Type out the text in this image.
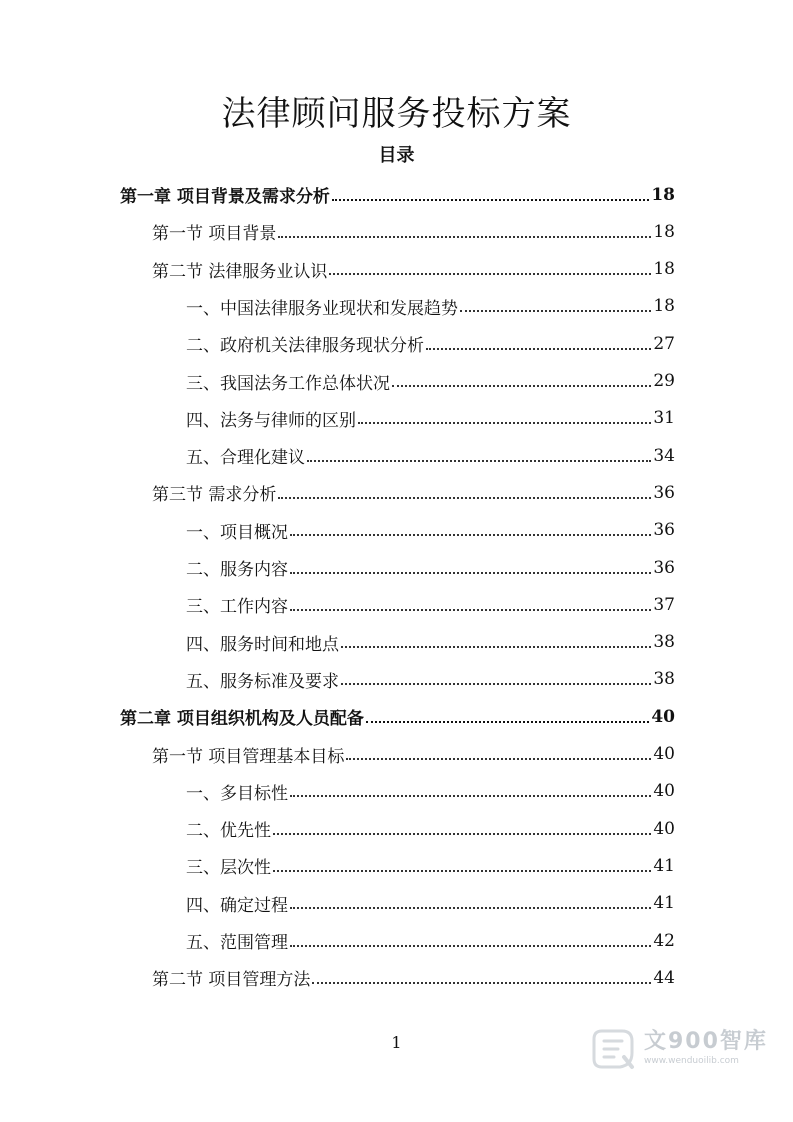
法律顾问服务投标方案
目录
第一章 项目背景及需求分析	18
第一节 项目背景	18
第二节 法律服务业认识	18
一、中国法律服务业现状和发展趋势	18
二、政府机关法律服务现状分析	27
三、我国法务工作总体状况	29
四、法务与律师的区别	31
五、合理化建议	34
第三节 需求分析	36
一、项目概况	36
二、服务内容	36
三、工作内容	37
四、服务时间和地点	38
五、服务标准及要求	38
第二章 项目组织机构及人员配备	40
第一节 项目管理基本目标	40
一、多目标性	40
二、优先性	40
三、层次性	41
四、确定过程	41
五、范围管理	42
第二节 项目管理方法	44
1	文900智库
www.wenduoilib.com
